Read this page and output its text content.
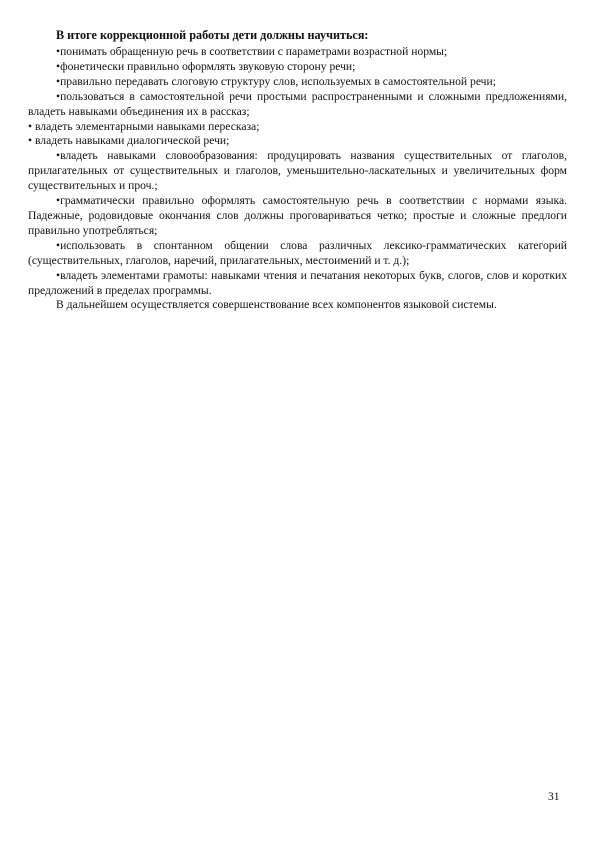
В итоге коррекционной работы дети должны научиться:

•понимать обращенную речь в соответствии с параметрами возрастной нормы;

•фонетически правильно оформлять звуковую сторону речи;

•правильно передавать слоговую структуру слов, используемых в самостоятельной речи;

•пользоваться в самостоятельной речи простыми распространенными и сложными предложениями, владеть навыками объединения их в рассказ;

• владеть элементарными навыками пересказа;

• владеть навыками диалогической речи;

•владеть навыками словообразования: продуцировать названия существительных от глаголов, прилагательных от существительных и глаголов, уменьшительно-ласкательных и увеличительных форм существительных и проч.;

•грамматически правильно оформлять самостоятельную речь в соответствии с нормами языка. Падежные, родовидовые окончания слов должны проговариваться четко; простые и сложные предлоги правильно употребляться;

•использовать в спонтанном общении слова различных лексико-грамматических категорий (существительных, глаголов, наречий, прилагательных, местоимений и т. д.);

•владеть элементами грамоты: навыками чтения и печатания некоторых букв, слогов, слов и коротких предложений в пределах программы.

В дальнейшем осуществляется совершенствование всех компонентов языковой системы.

31
